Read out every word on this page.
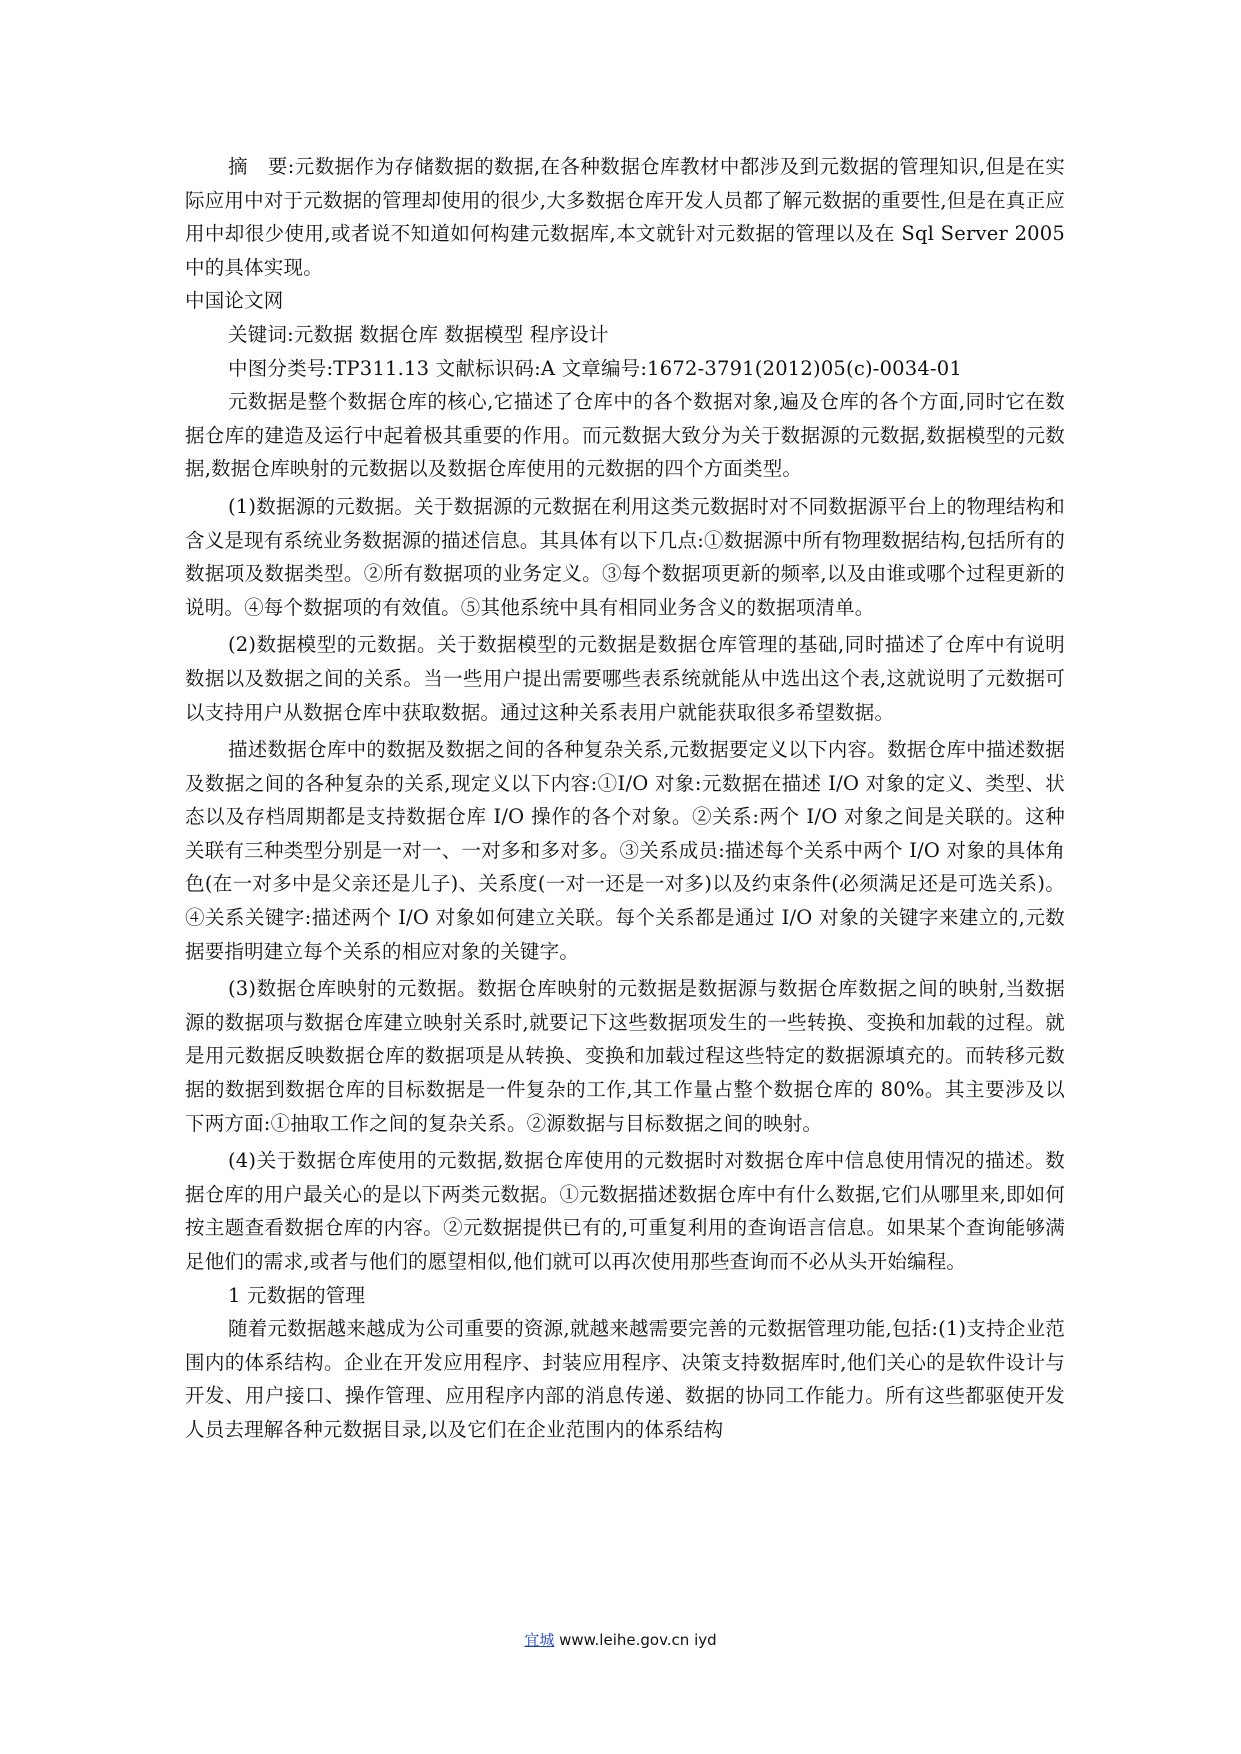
摘　要:元数据作为存储数据的数据,在各种数据仓库教材中都涉及到元数据的管理知识,但是在实际应用中对于元数据的管理却使用的很少,大多数据仓库开发人员都了解元数据的重要性,但是在真正应用中却很少使用,或者说不知道如何构建元数据库,本文就针对元数据的管理以及在 Sql Server 2005 中的具体实现。

中国论文网

关键词:元数据 数据仓库 数据模型 程序设计

中图分类号:TP311.13 文献标识码:A 文章编号:1672-3791(2012)05(c)-0034-01

元数据是整个数据仓库的核心,它描述了仓库中的各个数据对象,遍及仓库的各个方面,同时它在数据仓库的建造及运行中起着极其重要的作用。而元数据大致分为关于数据源的元数据,数据模型的元数据,数据仓库映射的元数据以及数据仓库使用的元数据的四个方面类型。

(1)数据源的元数据。关于数据源的元数据在利用这类元数据时对不同数据源平台上的物理结构和含义是现有系统业务数据源的描述信息。其具体有以下几点:①数据源中所有物理数据结构,包括所有的数据项及数据类型。②所有数据项的业务定义。③每个数据项更新的频率,以及由谁或哪个过程更新的说明。④每个数据项的有效值。⑤其他系统中具有相同业务含义的数据项清单。

(2)数据模型的元数据。关于数据模型的元数据是数据仓库管理的基础,同时描述了仓库中有说明数据以及数据之间的关系。当一些用户提出需要哪些表系统就能从中选出这个表,这就说明了元数据可以支持用户从数据仓库中获取数据。通过这种关系表用户就能获取很多希望数据。

描述数据仓库中的数据及数据之间的各种复杂关系,元数据要定义以下内容。数据仓库中描述数据及数据之间的各种复杂的关系,现定义以下内容:①I/O 对象:元数据在描述 I/O 对象的定义、类型、状态以及存档周期都是支持数据仓库 I/O 操作的各个对象。②关系:两个 I/O 对象之间是关联的。这种关联有三种类型分别是一对一、一对多和多对多。③关系成员:描述每个关系中两个 I/O 对象的具体角色(在一对多中是父亲还是儿子)、关系度(一对一还是一对多)以及约束条件(必须满足还是可选关系)。④关系关键字:描述两个 I/O 对象如何建立关联。每个关系都是通过 I/O 对象的关键字来建立的,元数据要指明建立每个关系的相应对象的关键字。

(3)数据仓库映射的元数据。数据仓库映射的元数据是数据源与数据仓库数据之间的映射,当数据源的数据项与数据仓库建立映射关系时,就要记下这些数据项发生的一些转换、变换和加载的过程。就是用元数据反映数据仓库的数据项是从转换、变换和加载过程这些特定的数据源填充的。而转移元数据的数据到数据仓库的目标数据是一件复杂的工作,其工作量占整个数据仓库的 80%。其主要涉及以下两方面:①抽取工作之间的复杂关系。②源数据与目标数据之间的映射。

(4)关于数据仓库使用的元数据,数据仓库使用的元数据时对数据仓库中信息使用情况的描述。数据仓库的用户最关心的是以下两类元数据。①元数据描述数据仓库中有什么数据,它们从哪里来,即如何按主题查看数据仓库的内容。②元数据提供已有的,可重复利用的查询语言信息。如果某个查询能够满足他们的需求,或者与他们的愿望相似,他们就可以再次使用那些查询而不必从头开始编程。

1 元数据的管理

随着元数据越来越成为公司重要的资源,就越来越需要完善的元数据管理功能,包括:(1)支持企业范围内的体系结构。企业在开发应用程序、封装应用程序、决策支持数据库时,他们关心的是软件设计与开发、用户接口、操作管理、应用程序内部的消息传递、数据的协同工作能力。所有这些都驱使开发人员去理解各种元数据目录,以及它们在企业范围内的体系结构

宜城 www.leihe.gov.cn iyd
